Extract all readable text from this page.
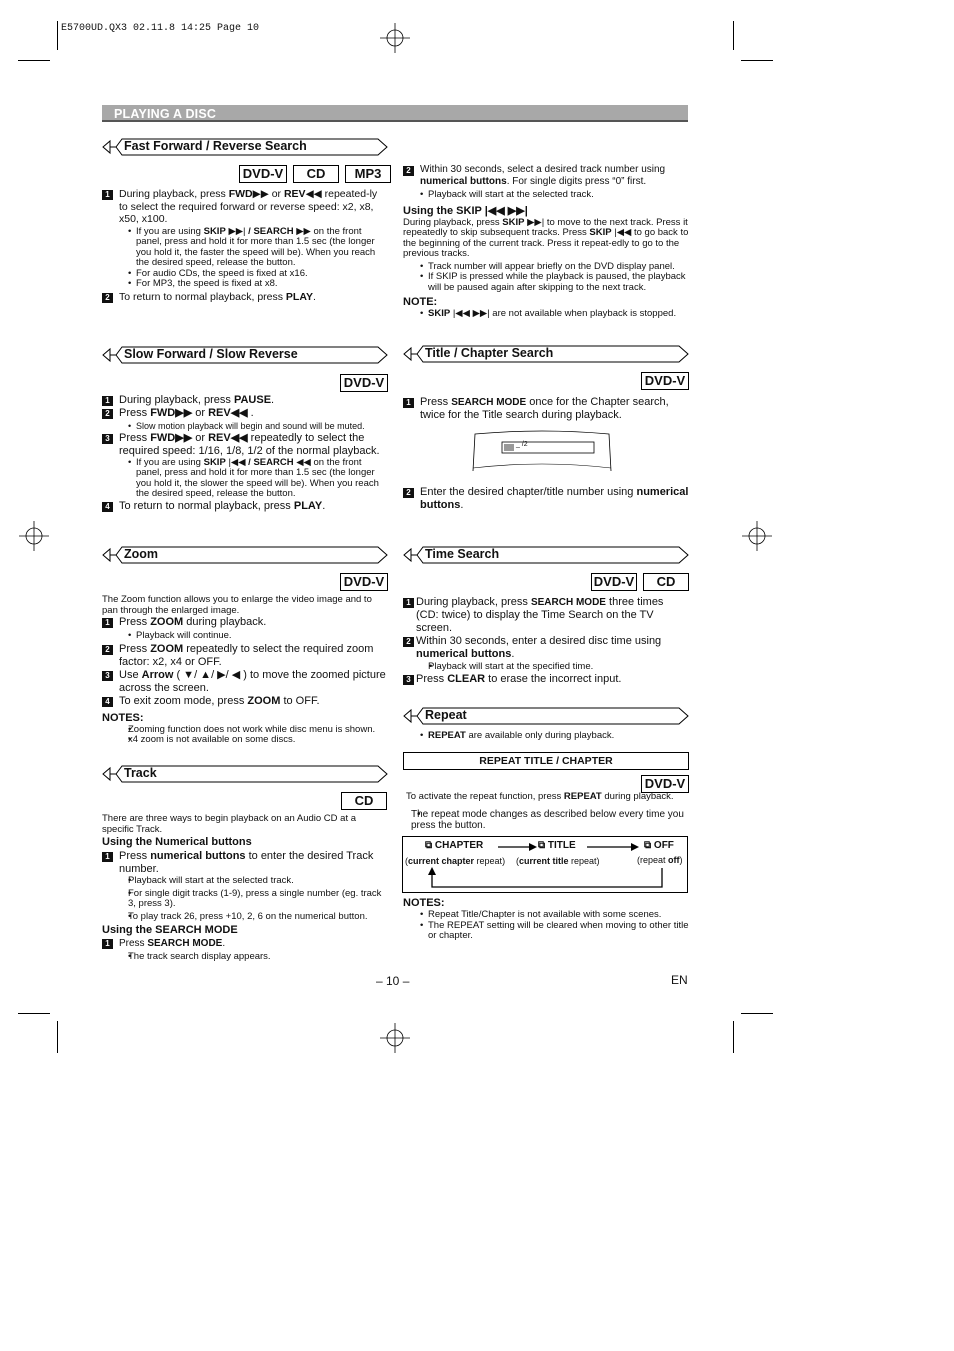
E5700UD.QX3 02.11.8 14:25 Page 10
PLAYING A DISC
Fast Forward / Reverse Search
DVD-V	CD	MP3
1 During playback, press FWD▶▶ or REV◀◀ repeated-ly to select the required forward or reverse speed: x2, x8, x50, x100.
• If you are using SKIP ▶▶| / SEARCH ▶▶ on the front panel, press and hold it for more than 1.5 sec (the longer you hold it, the faster the speed will be). When you reach the desired speed, release the button.
• For audio CDs, the speed is fixed at x16.
• For MP3, the speed is fixed at x8.
2 To return to normal playback, press PLAY.
2 Within 30 seconds, select a desired track number using numerical buttons. For single digits press “0” first.
• Playback will start at the selected track.
Using the SKIP |◀◀ ▶▶|
During playback, press SKIP ▶▶| to move to the next track. Press it repeatedly to skip subsequent tracks. Press SKIP |◀◀ to go back to the beginning of the current track. Press it repeat-edly to go to the previous tracks.
• Track number will appear briefly on the DVD display panel.
• If SKIP is pressed while the playback is paused, the playback will be paused again after skipping to the next track.
NOTE:
• SKIP |◀◀ ▶▶| are not available when playback is stopped.
Slow Forward / Slow Reverse
DVD-V
1 During playback, press PAUSE.
2 Press FWD▶▶ or REV◀◀ .
• Slow motion playback will begin and sound will be muted.
3 Press FWD▶▶ or REV◀◀ repeatedly to select the required speed: 1/16, 1/8, 1/2 of the normal playback.
• If you are using SKIP |◀◀ / SEARCH ◀◀ on the front panel, press and hold it for more than 1.5 sec (the longer you hold it, the slower the speed will be). When you reach the desired speed, release the button.
4 To return to normal playback, press PLAY.
Title / Chapter Search
DVD-V
1 Press SEARCH MODE once for the Chapter search, twice for the Title search during playback.
_ /2
2 Enter the desired chapter/title number using numerical buttons.
Zoom
DVD-V
The Zoom function allows you to enlarge the video image and to pan through the enlarged image.
1 Press ZOOM during playback.
• Playback will continue.
2 Press ZOOM repeatedly to select the required zoom factor: x2, x4 or OFF.
3 Use Arrow ( ▼/ ▲/ ▶/ ◀ ) to move the zoomed picture across the screen.
4 To exit zoom mode, press ZOOM to OFF.
NOTES:
• Zooming function does not work while disc menu is shown.
• x4 zoom is not available on some discs.
Time Search
DVD-V	CD
1 During playback, press SEARCH MODE three times (CD: twice) to display the Time Search on the TV screen.
2 Within 30 seconds, enter a desired disc time using numerical buttons.
• Playback will start at the specified time.
3 Press CLEAR to erase the incorrect input.
Repeat
• REPEAT are available only during playback.
REPEAT TITLE / CHAPTER
DVD-V
To activate the repeat function, press REPEAT during playback.
• The repeat mode changes as described below every time you press the button.
⧉ CHAPTER	⧉ TITLE	⧉ OFF
(current chapter repeat) (current title repeat)	(repeat off)
NOTES:
• Repeat Title/Chapter is not available with some scenes.
• The REPEAT setting will be cleared when moving to other title or chapter.
Track
CD
There are three ways to begin playback on an Audio CD at a specific Track.
Using the Numerical buttons
1 Press numerical buttons to enter the desired Track number.
• Playback will start at the selected track.
• For single digit tracks (1-9), press a single number (eg. track 3, press 3).
• To play track 26, press +10, 2, 6 on the numerical button.
Using the SEARCH MODE
1 Press SEARCH MODE.
• The track search display appears.
– 10 –	EN
